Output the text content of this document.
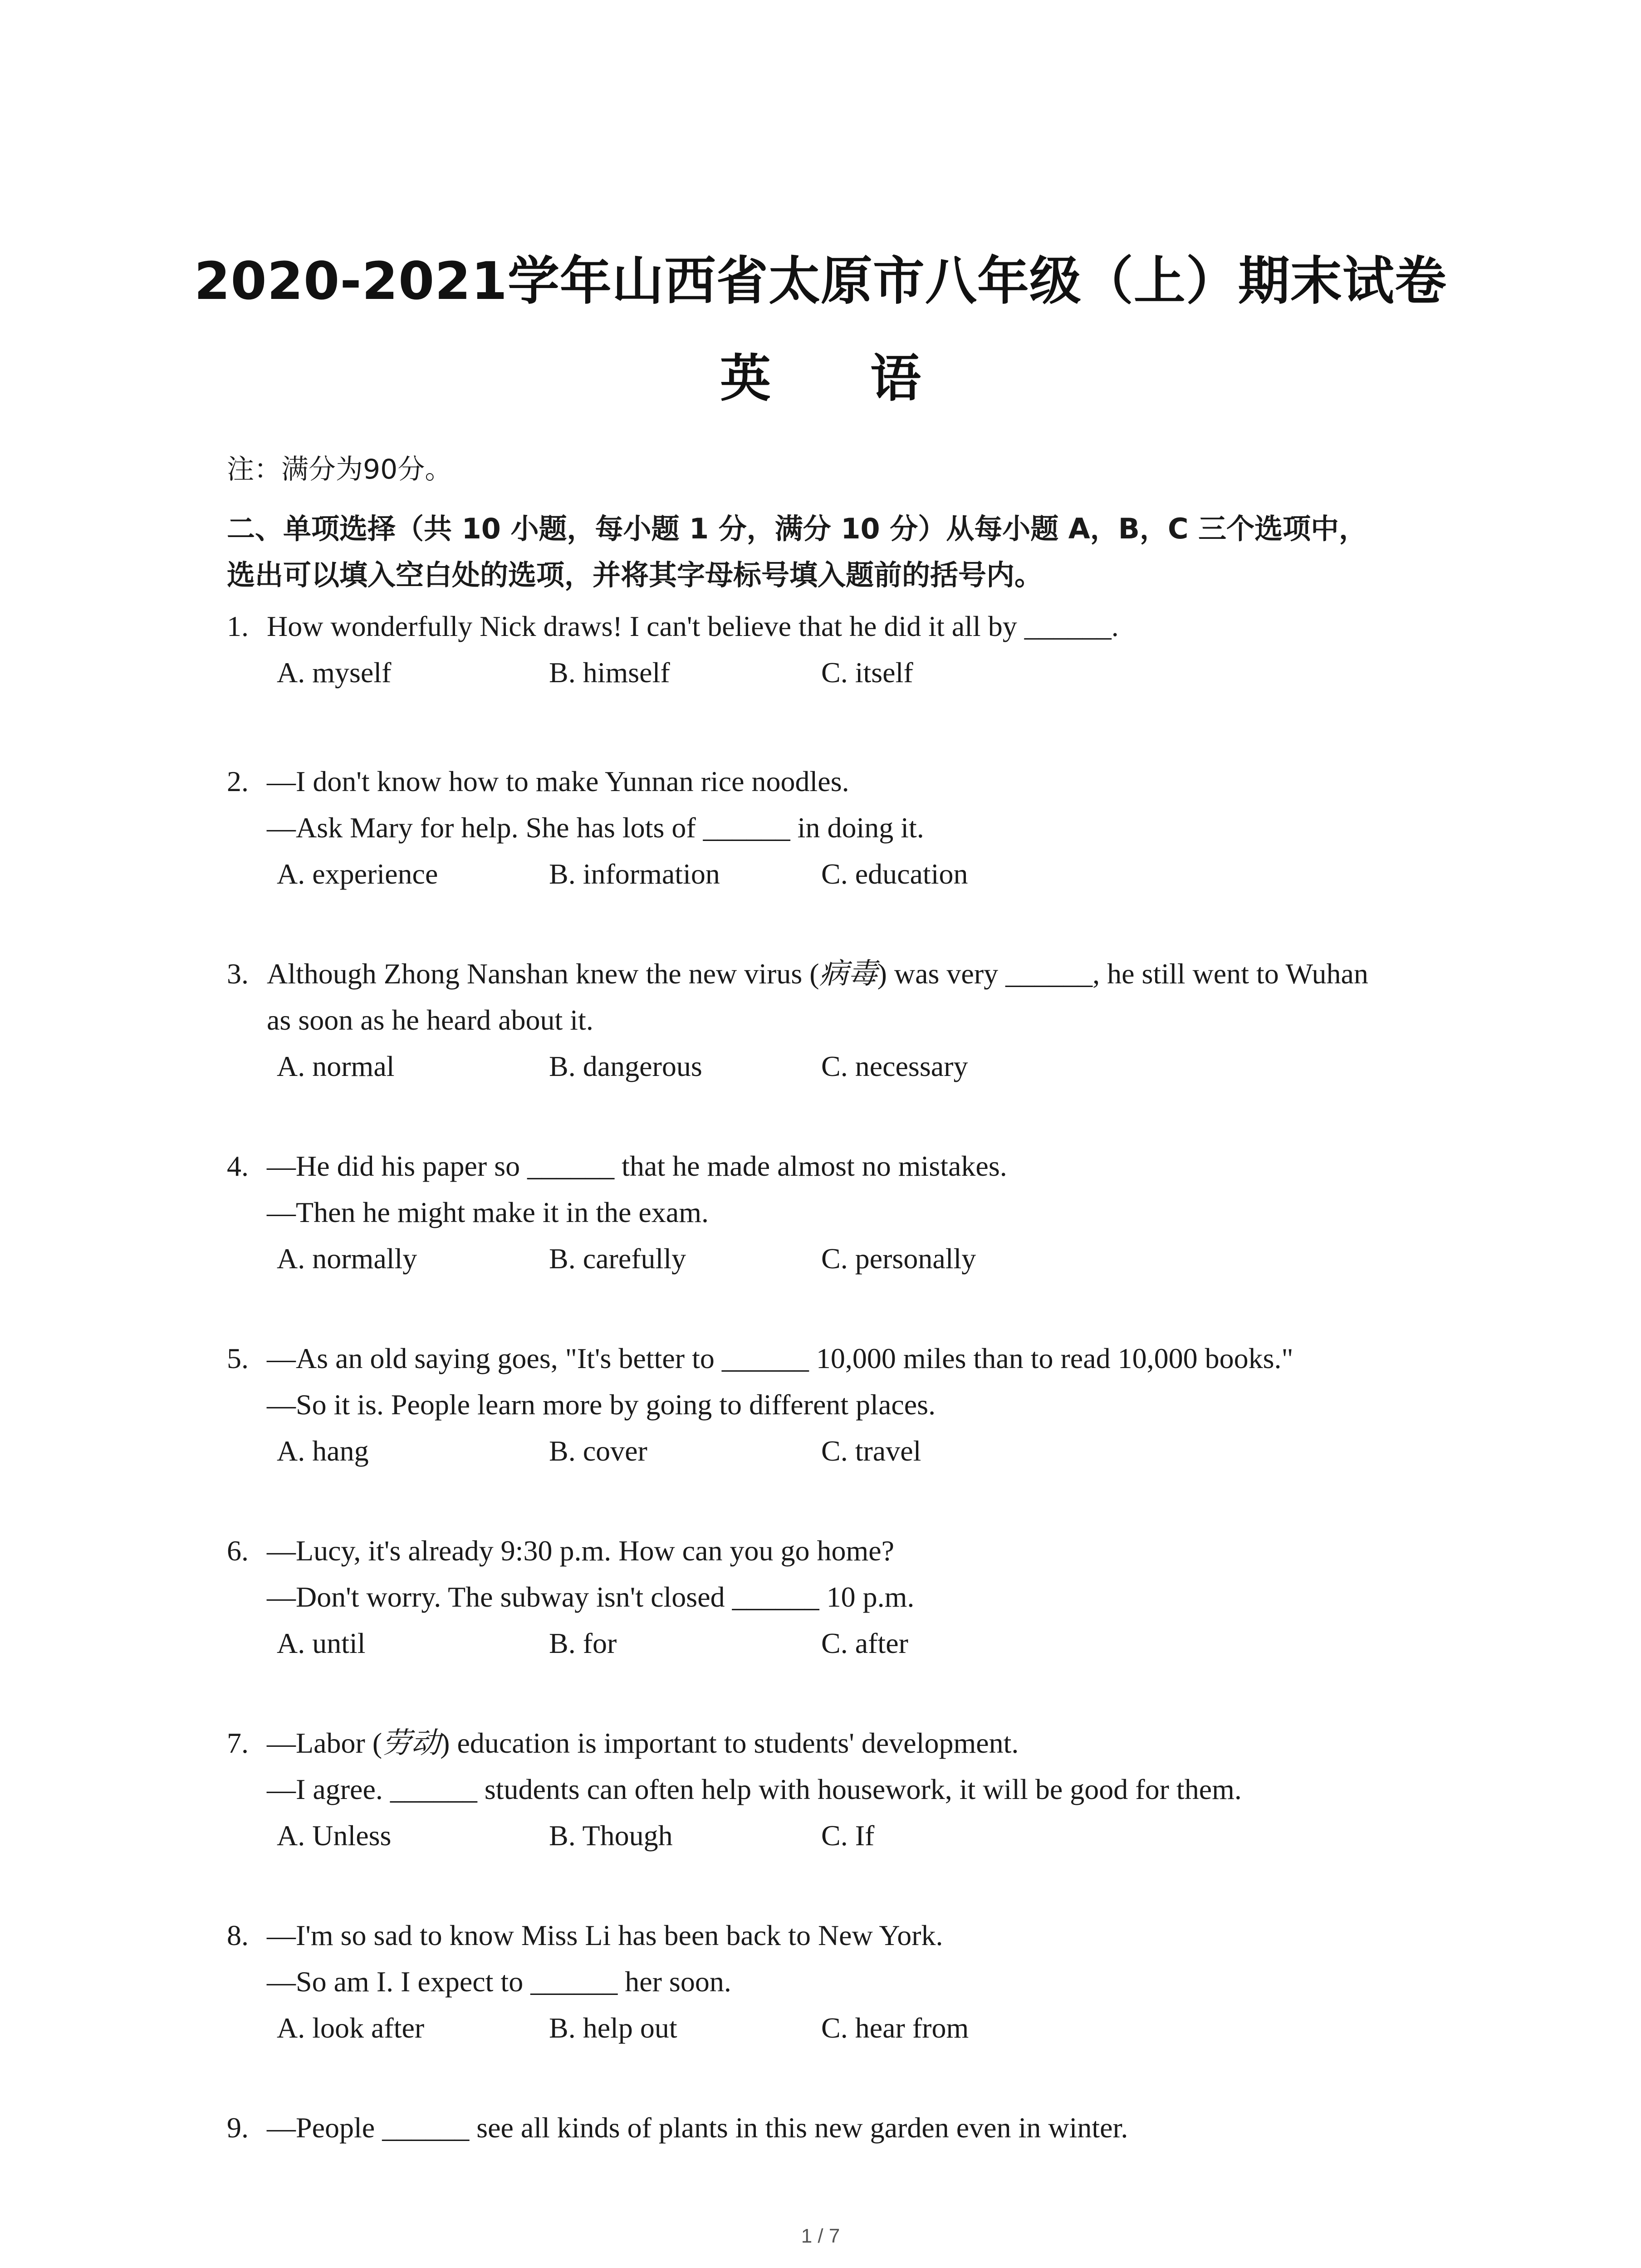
2020-2021学年山西省太原市八年级（上）期末试卷
英 语

注：满分为90分。

二、单项选择（共 10 小题，每小题 1 分，满分 10 分）从每小题 A，B，C 三个选项中，
选出可以填入空白处的选项，并将其字母标号填入题前的括号内。
1. How wonderfully Nick draws! I can't believe that he did it all by ______.
A. myself	B. himself	C. itself
2. —I don't know how to make Yunnan rice noodles.
—Ask Mary for help. She has lots of ______ in doing it.
A. experience	B. information	C. education
3. Although Zhong Nanshan knew the new virus (病毒) was very ______, he still went to Wuhan
as soon as he heard about it.
A. normal	B. dangerous	C. necessary
4. —He did his paper so ______ that he made almost no mistakes.
—Then he might make it in the exam.
A. normally	B. carefully	C. personally
5. —As an old saying goes, "It's better to ______ 10,000 miles than to read 10,000 books."
—So it is. People learn more by going to different places.
A. hang	B. cover	C. travel
6. —Lucy, it's already 9:30 p.m. How can you go home?
—Don't worry. The subway isn't closed ______ 10 p.m.
A. until	B. for	C. after
7. —Labor (劳动) education is important to students' development.
—I agree. ______ students can often help with housework, it will be good for them.
A. Unless	B. Though	C. If
8. —I'm so sad to know Miss Li has been back to New York.
—So am I. I expect to ______ her soon.
A. look after	B. help out	C. hear from
9. —People ______ see all kinds of plants in this new garden even in winter.

1 / 7
